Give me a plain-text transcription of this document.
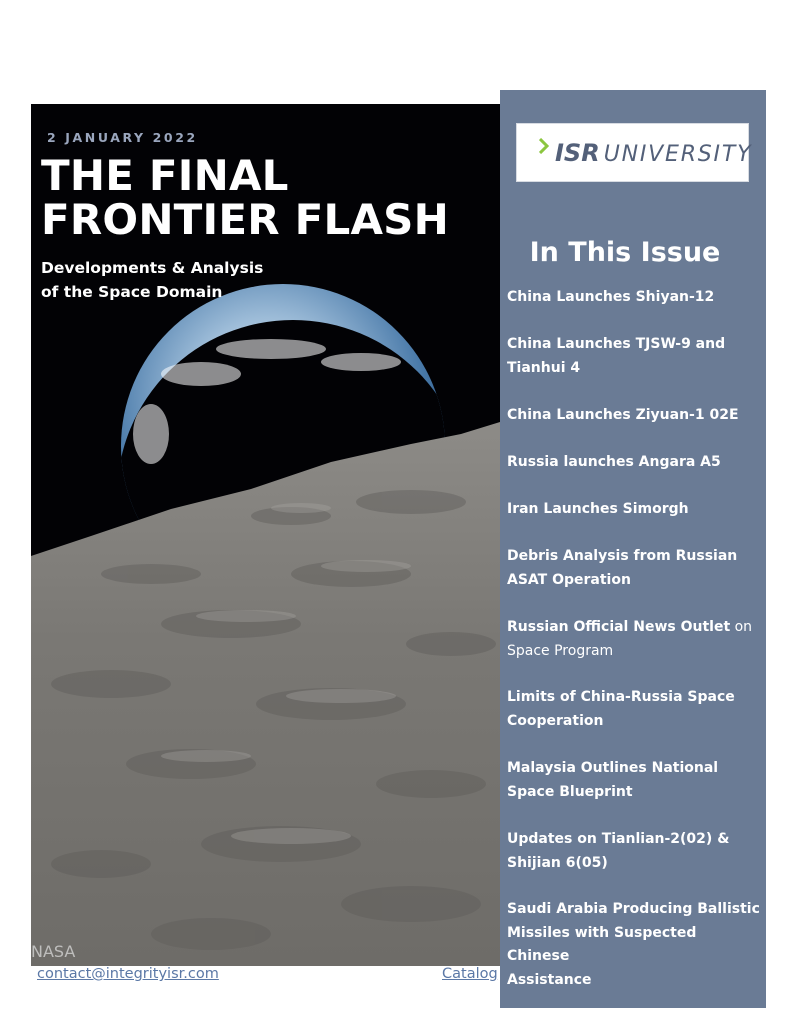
2 JANUARY 2022
THE FINAL
FRONTIER FLASH
Developments & Analysis
of the Space Domain
NASA
ISR UNIVERSITY
In This Issue
China Launches Shiyan-12
China Launches TJSW-9 and
Tianhui 4
China Launches Ziyuan-1 02E
Russia launches Angara A5
Iran Launches Simorgh
Debris Analysis from Russian
ASAT Operation
Russian Official News Outlet on
Space Program
Limits of China-Russia Space
Cooperation
Malaysia Outlines National
Space Blueprint
Updates on Tianlian-2(02) &
Shijian 6(05)
Saudi Arabia Producing Ballistic
Missiles with Suspected Chinese
Assistance
contact@integrityisr.com	Catalog
